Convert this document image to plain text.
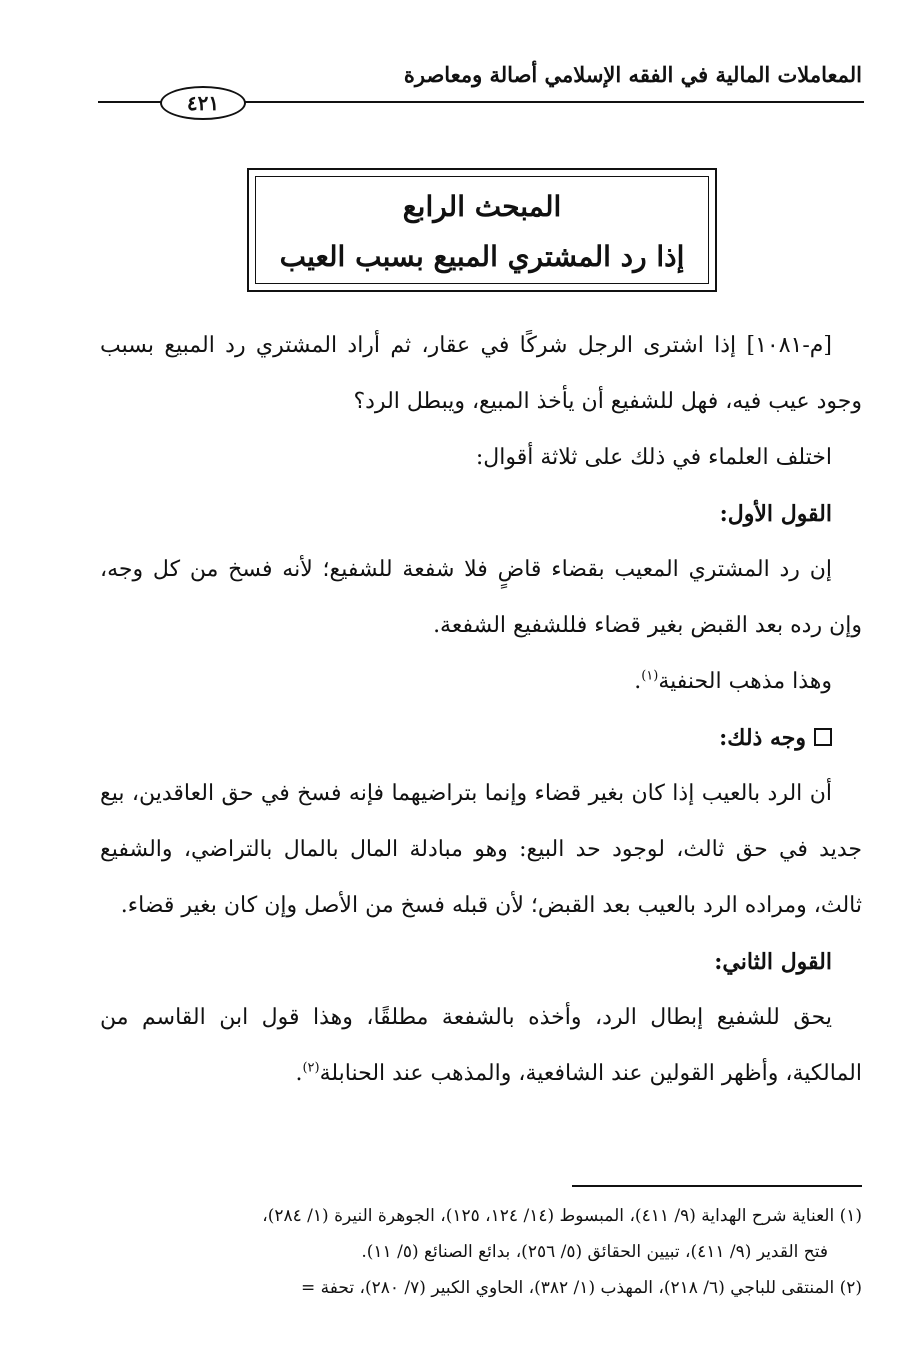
المعاملات المالية في الفقه الإسلامي أصالة ومعاصرة
٤٢١
المبحث الرابع
إذا رد المشتري المبيع بسبب العيب

[م-١٠٨١] إذا اشترى الرجل شركًا في عقار، ثم أراد المشتري رد المبيع بسبب وجود عيب فيه، فهل للشفيع أن يأخذ المبيع، ويبطل الرد؟

اختلف العلماء في ذلك على ثلاثة أقوال:

القول الأول:

إن رد المشتري المعيب بقضاء قاضٍ فلا شفعة للشفيع؛ لأنه فسخ من كل وجه، وإن رده بعد القبض بغير قضاء فللشفيع الشفعة.

وهذا مذهب الحنفية$^{(١)}$.

وجه ذلك:

أن الرد بالعيب إذا كان بغير قضاء وإنما بتراضيهما فإنه فسخ في حق العاقدين، بيع جديد في حق ثالث، لوجود حد البيع: وهو مبادلة المال بالمال بالتراضي، والشفيع ثالث، ومراده الرد بالعيب بعد القبض؛ لأن قبله فسخ من الأصل وإن كان بغير قضاء.

القول الثاني:

يحق للشفيع إبطال الرد، وأخذه بالشفعة مطلقًا، وهذا قول ابن القاسم من المالكية، وأظهر القولين عند الشافعية، والمذهب عند الحنابلة$^{(٢)}$.

(١) العناية شرح الهداية (٩/ ٤١١)، المبسوط (١٤/ ١٢٤، ١٢٥)، الجوهرة النيرة (١/ ٢٨٤)،

فتح القدير (٩/ ٤١١)، تبيين الحقائق (٥/ ٢٥٦)، بدائع الصنائع (٥/ ١١).

(٢) المنتقى للباجي (٦/ ٢١٨)، المهذب (١/ ٣٨٢)، الحاوي الكبير (٧/ ٢٨٠)، تحفة =
